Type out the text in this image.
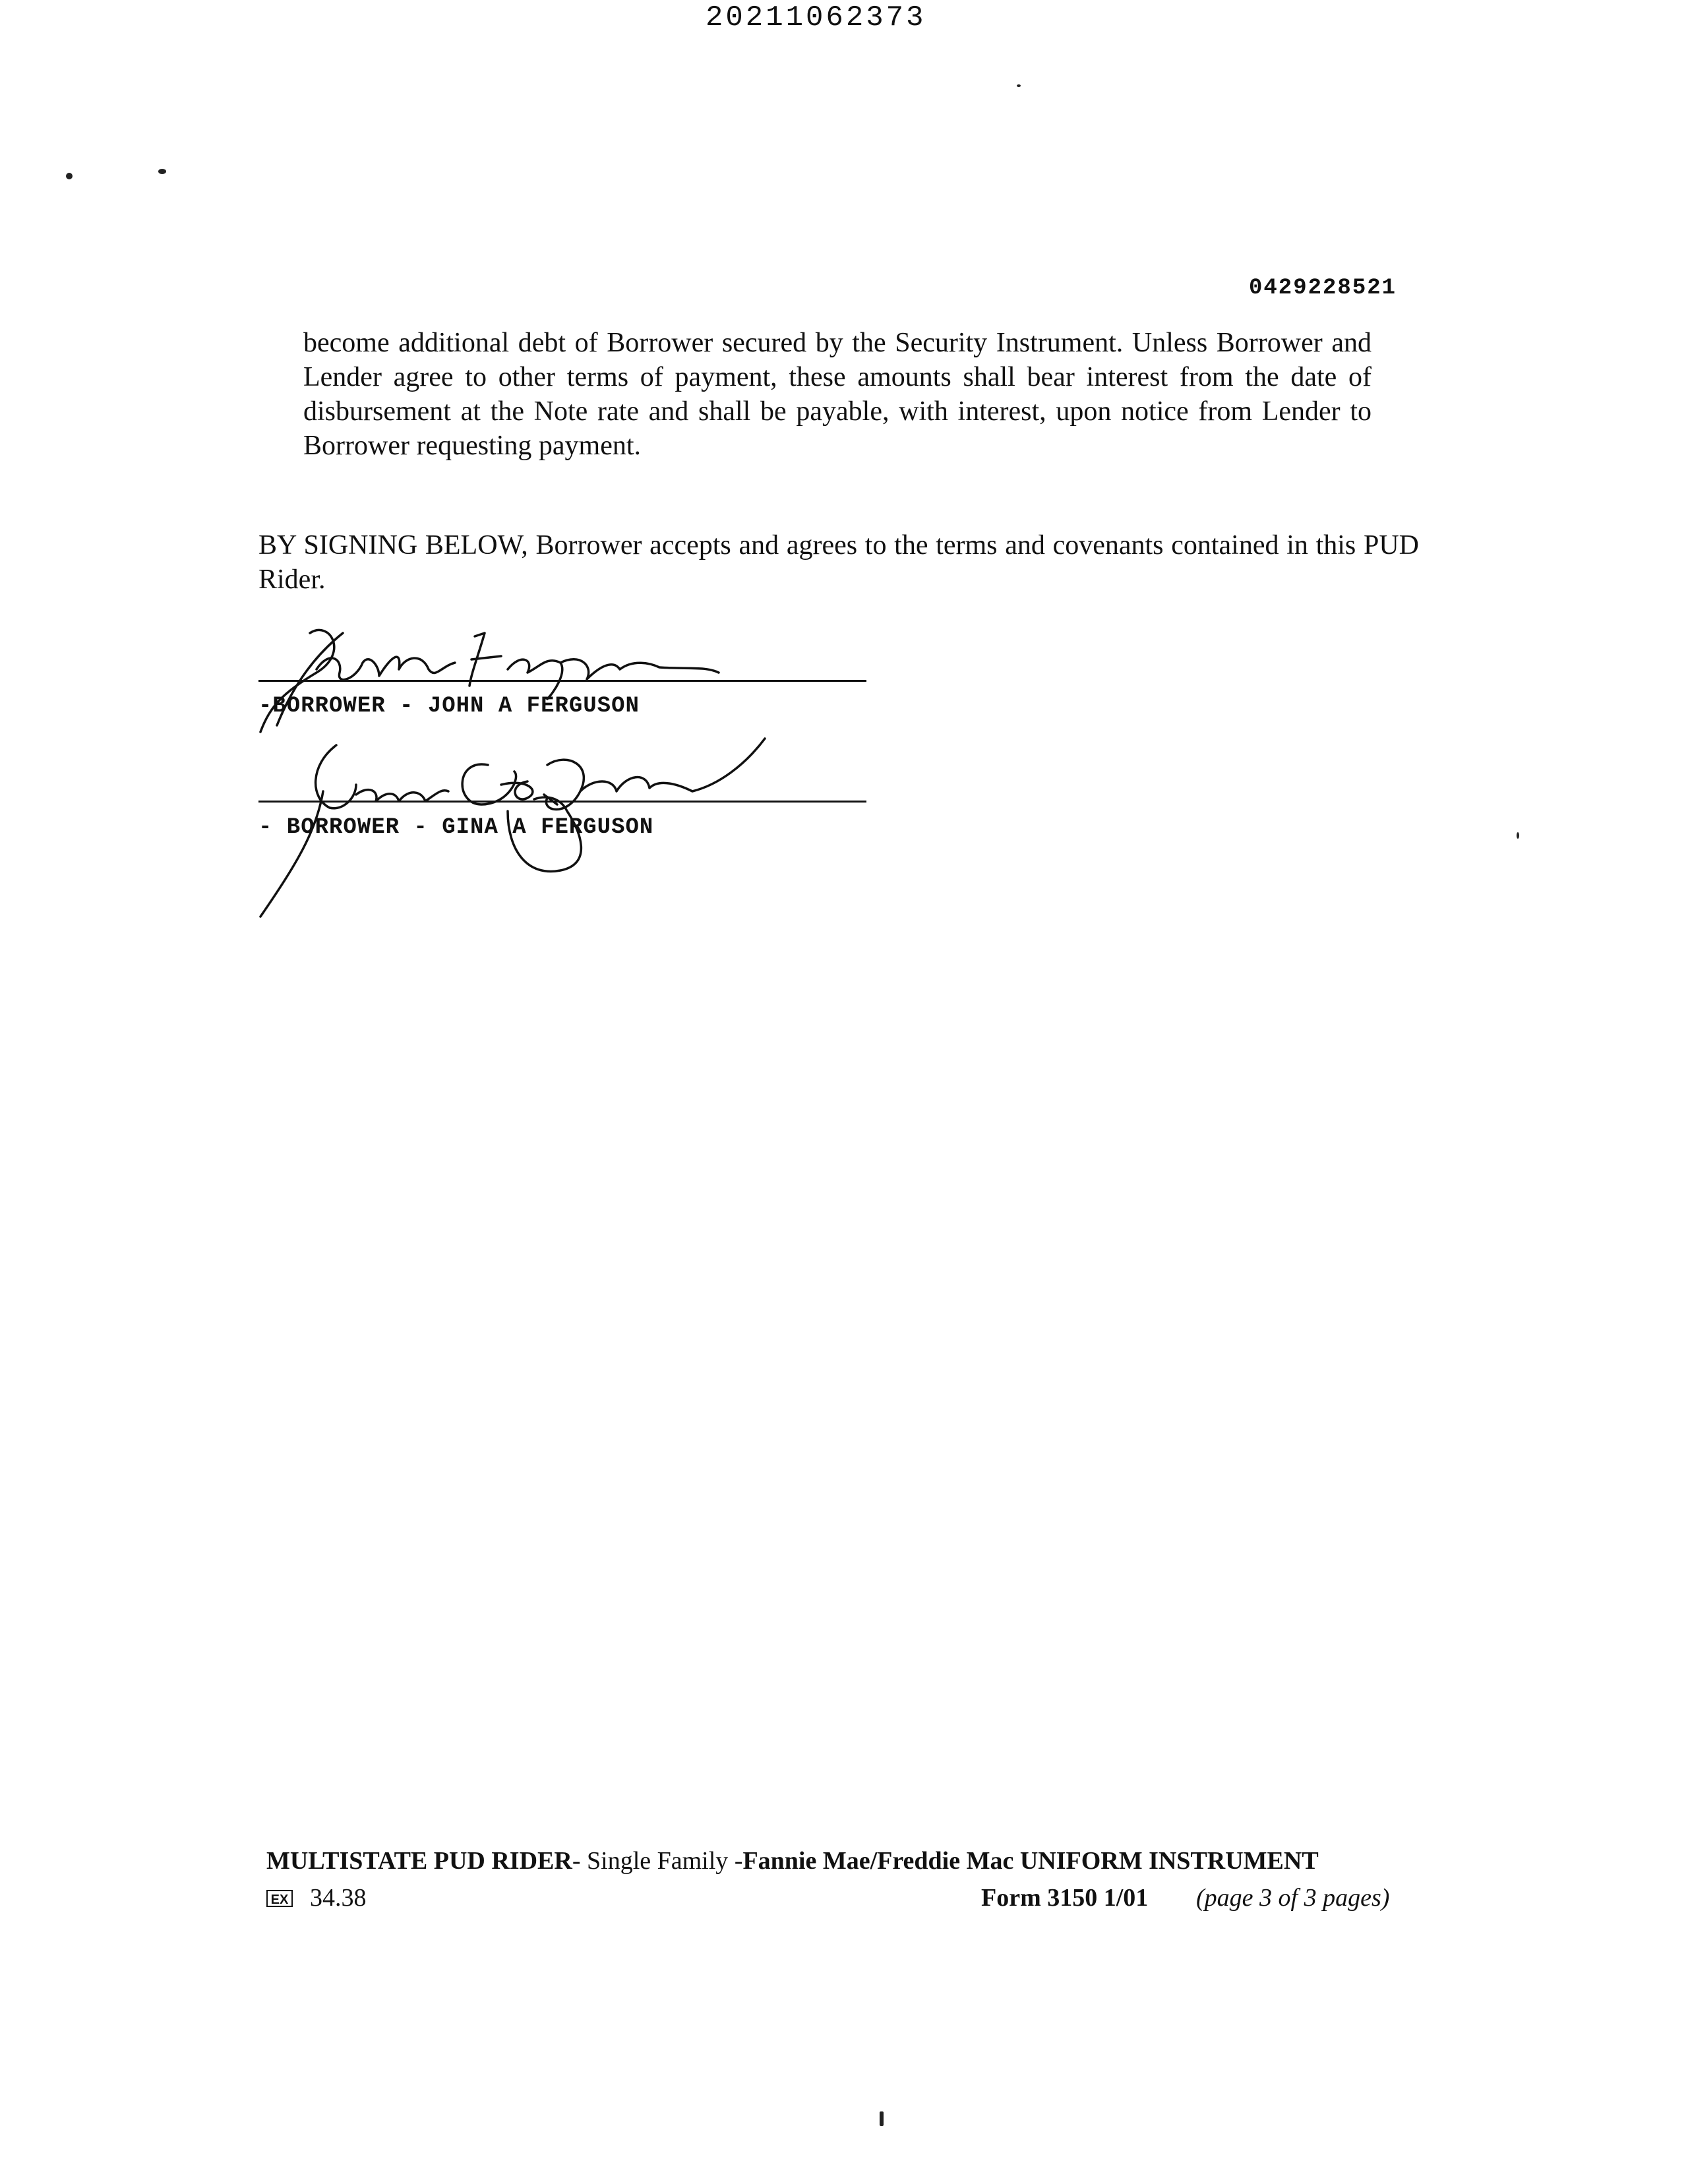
20211062373
0429228521
become additional debt of Borrower secured by the Security Instrument. Unless Borrower and Lender agree to other terms of payment, these amounts shall bear interest from the date of disbursement at the Note rate and shall be payable, with interest, upon notice from Lender to Borrower requesting payment.
BY SIGNING BELOW, Borrower accepts and agrees to the terms and covenants contained in this PUD Rider.
-BORROWER - JOHN A FERGUSON
- BORROWER - GINA A FERGUSON
MULTISTATE PUD RIDER- Single Family -Fannie Mae/Freddie Mac UNIFORM INSTRUMENT
EX 34.38	Form 3150 1/01 (page 3 of 3 pages)
